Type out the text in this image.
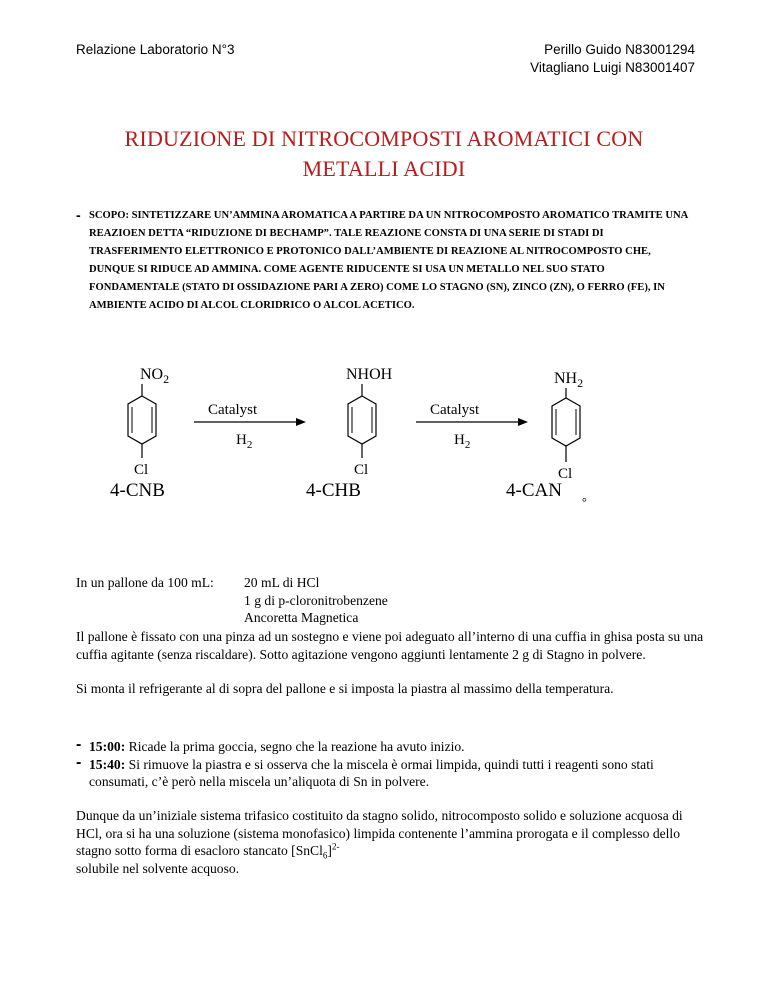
Relazione Laboratorio N°3	Perillo Guido N83001294
Vitagliano Luigi N83001407
RIDUZIONE DI NITROCOMPOSTI AROMATICI CON
METALLI ACIDI
- SCOPO: SINTETIZZARE UN’AMMINA AROMATICA A PARTIRE DA UN NITROCOMPOSTO AROMATICO TRAMITE UNA REAZIOEN DETTA “RIDUZIONE DI BECHAMP”. TALE REAZIONE CONSTA DI UNA SERIE DI STADI DI TRASFERIMENTO ELETTRONICO E PROTONICO DALL’AMBIENTE DI REAZIONE AL NITROCOMPOSTO CHE, DUNQUE SI RIDUCE AD AMMINA. COME AGENTE RIDUCENTE SI USA UN METALLO NEL SUO STATO FONDAMENTALE (STATO DI OSSIDAZIONE PARI A ZERO) COME LO STAGNO (SN), ZINCO (ZN), O FERRO (FE), IN AMBIENTE ACIDO DI ALCOL CLORIDRICO O ALCOL ACETICO.
$NO_2$
Cl
4-CNB
Catalyst
$H_2$
NHOH
Cl
4-CHB
Catalyst
$H_2$
$NH_2$
Cl
4-CAN
°
In un pallone da 100 mL:	20 mL di HCl
1 g di p-cloronitrobenzene
Ancoretta Magnetica
Il pallone è fissato con una pinza ad un sostegno e viene poi adeguato all’interno di una cuffia in ghisa posta su una cuffia agitante (senza riscaldare). Sotto agitazione vengono aggiunti lentamente 2 g di Stagno in polvere.
Si monta il refrigerante al di sopra del pallone e si imposta la piastra al massimo della temperatura.
- 15:00: Ricade la prima goccia, segno che la reazione ha avuto inizio.
- 15:40: Si rimuove la piastra e si osserva che la miscela è ormai limpida, quindi tutti i reagenti sono stati consumati, c’è però nella miscela un’aliquota di Sn in polvere.
Dunque da un’iniziale sistema trifasico costituito da stagno solido, nitrocomposto solido e soluzione acquosa di HCl, ora si ha una soluzione (sistema monofasico) limpida contenente l’ammina prorogata e il complesso dello stagno sotto forma di esacloro stancato [SnCl$_6$]$^{2-}$
solubile nel solvente acquoso.
